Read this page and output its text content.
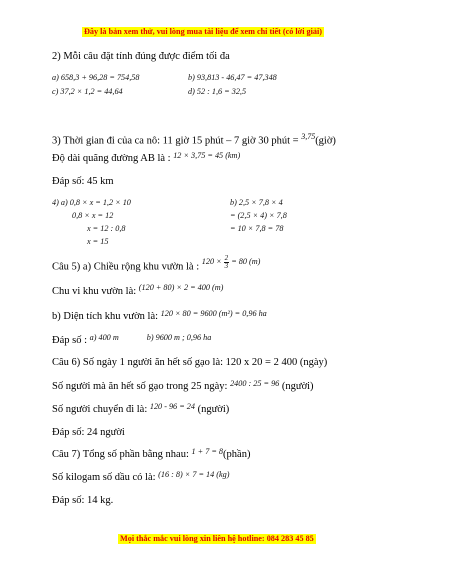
Đây là bản xem thử, vui lòng mua tài liệu để xem chi tiết (có lời giải)
2) Mỗi câu đặt tính đúng được điểm tối đa
a) 658,3 + 96,28 = 754,58	b) 93,813 - 46,47 = 47,348
c) 37,2 × 1,2 = 44,64	d) 52 : 1,6 = 32,5
3) Thời gian đi của ca nô: 11 giờ 15 phút – 7 giờ 30 phút = $^{3,75}$(giờ)
Độ dài quãng đường AB là : $^{12 \times 3,75 = 45 (km)}$
Đáp số: 45 km
4) a) 0,8 × x = 1,2 × 10
0,8 × x = 12
x = 12 : 0,8
x = 15
b) 2,5 × 7,8 × 4
= (2,5 × 4) × 7,8
= 10 × 7,8 = 78
Câu 5) a) Chiều rộng khu vườn là : $^{120 \times \frac{2}{3} = 80 (m)}$
Chu vi khu vườn là: $^{(120 + 80) \times 2 = 400 (m)}$
b) Diện tích khu vườn là: $^{120 \times 80 = 9600 (m^2) = 0,96 ha}$
Đáp số : $^{a) 400 m}$	$^{b) 9600 m ; 0,96 ha}$
Câu 6) Số ngày 1 người ăn hết số gạo là: 120 x 20 = 2 400 (ngày)
Số người mà ăn hết số gạo trong 25 ngày: $^{2400 : 25 = 96}$ (người)
Số người chuyển đi là: $^{120 - 96 = 24}$ (người)
Đáp số: 24 người
Câu 7) Tổng số phần bằng nhau: $^{1 + 7 = 8}$(phần)
Số kilogam số dầu có là: $^{(16 : 8) \times 7 = 14 (kg)}$
Đáp số: 14 kg.
Mọi thắc mắc vui lòng xin liên hệ hotline: 084 283 45 85
